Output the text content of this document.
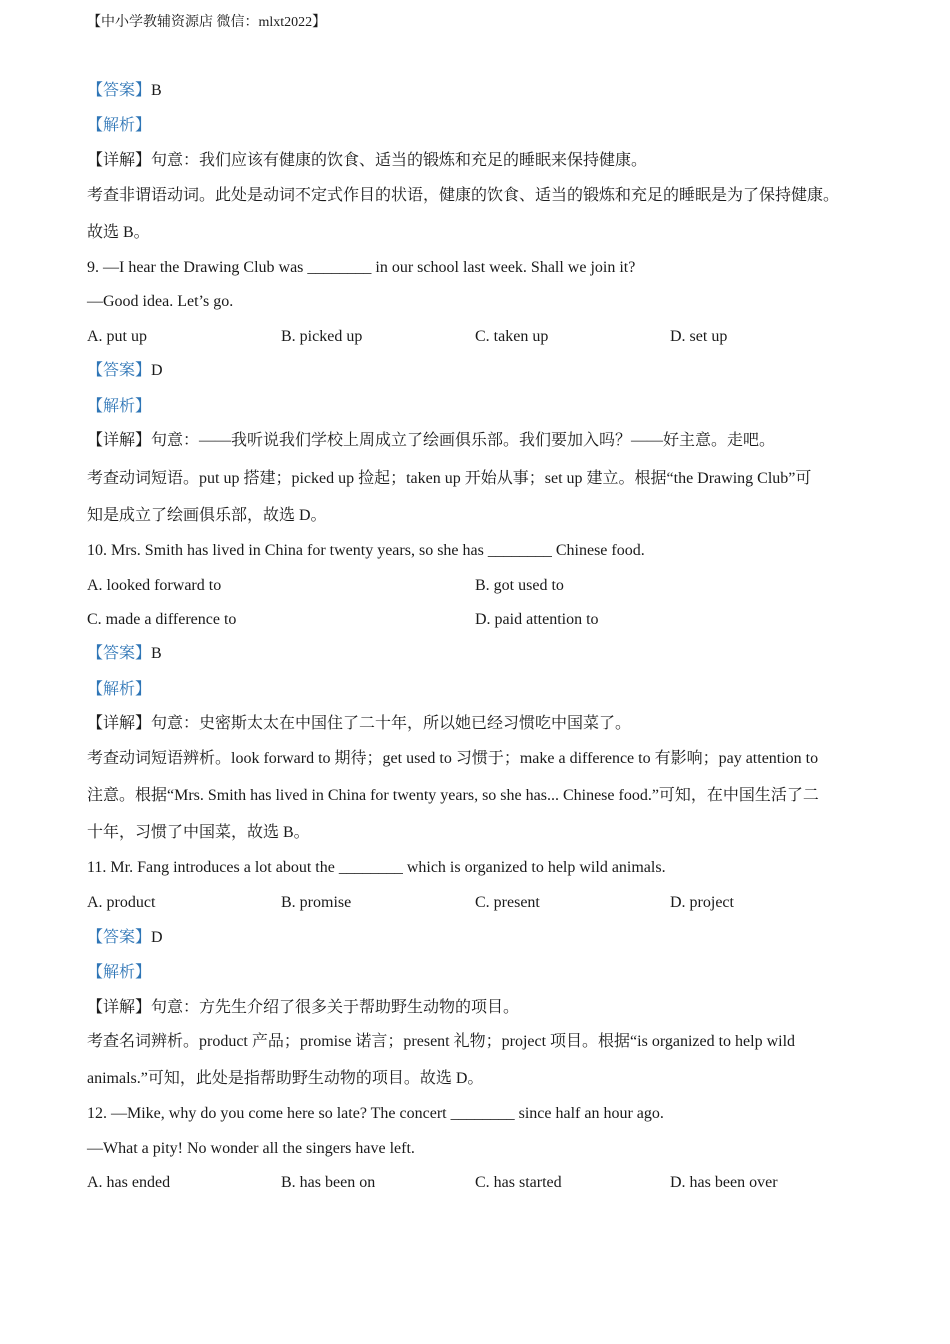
【中小学教辅资源店 微信：mlxt2022】
【答案】B
【解析】
【详解】句意：我们应该有健康的饮食、适当的锻炼和充足的睡眠来保持健康。
考查非谓语动词。此处是动词不定式作目的状语，健康的饮食、适当的锻炼和充足的睡眠是为了保持健康。
故选 B。
9. —I hear the Drawing Club was ________ in our school last week. Shall we join it?
—Good idea. Let’s go.
A. put up	B. picked up	C. taken up	D. set up
【答案】D
【解析】
【详解】句意：——我听说我们学校上周成立了绘画俱乐部。我们要加入吗？——好主意。走吧。
考查动词短语。put up 搭建；picked up 捡起；taken up 开始从事；set up 建立。根据“the Drawing Club”可
知是成立了绘画俱乐部，故选 D。
10. Mrs. Smith has lived in China for twenty years, so she has ________ Chinese food.
A. looked forward to	B. got used to
C. made a difference to	D. paid attention to
【答案】B
【解析】
【详解】句意：史密斯太太在中国住了二十年，所以她已经习惯吃中国菜了。
考查动词短语辨析。look forward to 期待；get used to 习惯于；make a difference to 有影响；pay attention to
注意。根据“Mrs. Smith has lived in China for twenty years, so she has... Chinese food.”可知，在中国生活了二
十年，习惯了中国菜，故选 B。
11. Mr. Fang introduces a lot about the ________ which is organized to help wild animals.
A. product	B. promise	C. present	D. project
【答案】D
【解析】
【详解】句意：方先生介绍了很多关于帮助野生动物的项目。
考查名词辨析。product 产品；promise 诺言；present 礼物；project 项目。根据“is organized to help wild
animals.”可知，此处是指帮助野生动物的项目。故选 D。
12. —Mike, why do you come here so late? The concert ________ since half an hour ago.
—What a pity! No wonder all the singers have left.
A. has ended	B. has been on	C. has started	D. has been over
